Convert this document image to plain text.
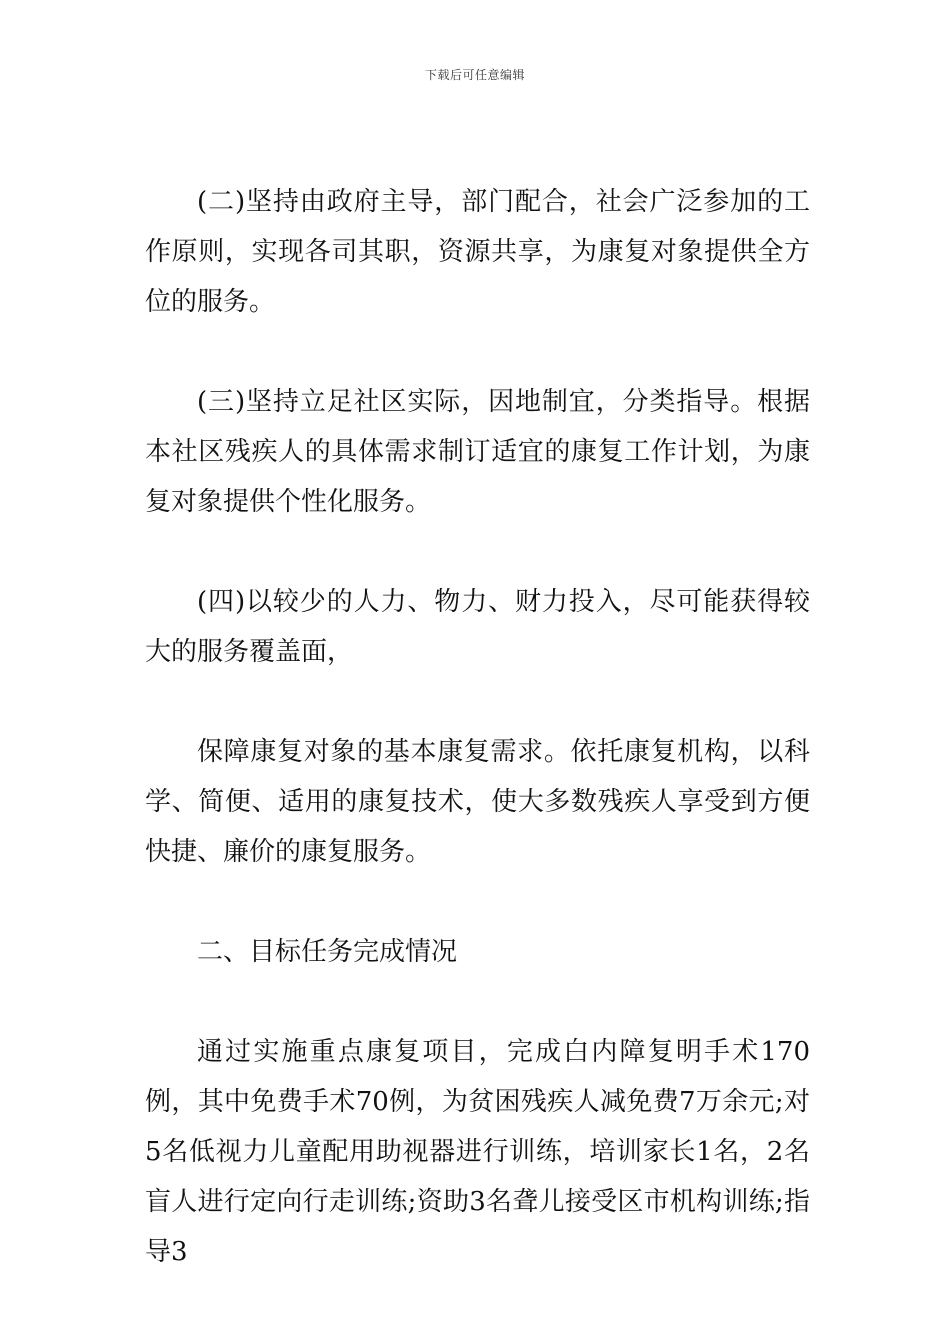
下载后可任意编辑

(二)坚持由政府主导，部门配合，社会广泛参加的工作原则，实现各司其职，资源共享，为康复对象提供全方位的服务。

(三)坚持立足社区实际，因地制宜，分类指导。根据本社区残疾人的具体需求制订适宜的康复工作计划，为康复对象提供个性化服务。

(四)以较少的人力、物力、财力投入，尽可能获得较大的服务覆盖面，

保障康复对象的基本康复需求。依托康复机构，以科学、简便、适用的康复技术，使大多数残疾人享受到方便快捷、廉价的康复服务。

二、目标任务完成情况

通过实施重点康复项目，完成白内障复明手术170例，其中免费手术70例，为贫困残疾人减免费7万余元;对5名低视力儿童配用助视器进行训练，培训家长1名，2名盲人进行定向行走训练;资助3名聋儿接受区市机构训练;指导3
